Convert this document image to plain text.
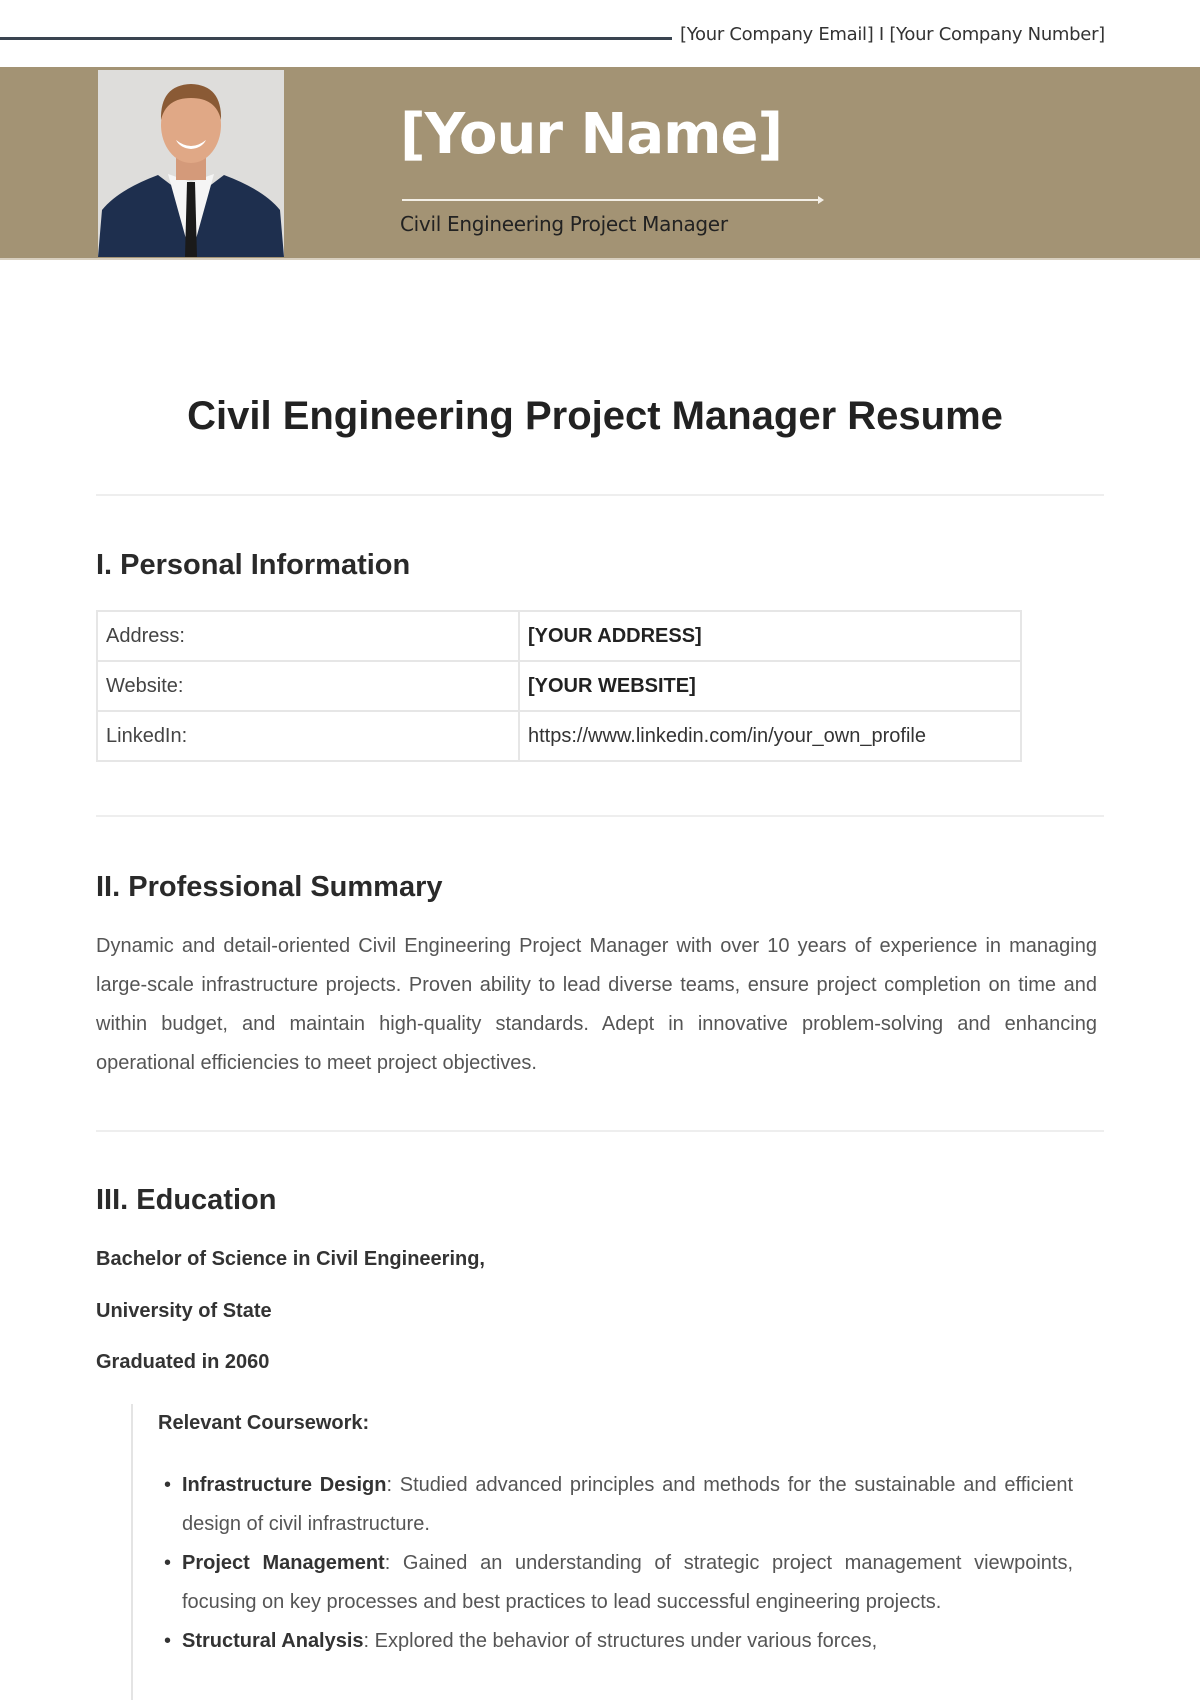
[Your Company Email] I [Your Company Number]
[Your Name]
Civil Engineering Project Manager
Civil Engineering Project Manager Resume
I. Personal Information
Address:	[YOUR ADDRESS]
Website:	[YOUR WEBSITE]
LinkedIn:	https://www.linkedin.com/in/your_own_profile
II. Professional Summary
Dynamic and detail-oriented Civil Engineering Project Manager with over 10 years of experience in managing large-scale infrastructure projects. Proven ability to lead diverse teams, ensure project completion on time and within budget, and maintain high-quality standards. Adept in innovative problem-solving and enhancing operational efficiencies to meet project objectives.
III. Education
Bachelor of Science in Civil Engineering,
University of State
Graduated in 2060
Relevant Coursework:
• Infrastructure Design: Studied advanced principles and methods for the sustainable and efficient design of civil infrastructure.
• Project Management: Gained an understanding of strategic project management viewpoints, focusing on key processes and best practices to lead successful engineering projects.
• Structural Analysis: Explored the behavior of structures under various forces,
